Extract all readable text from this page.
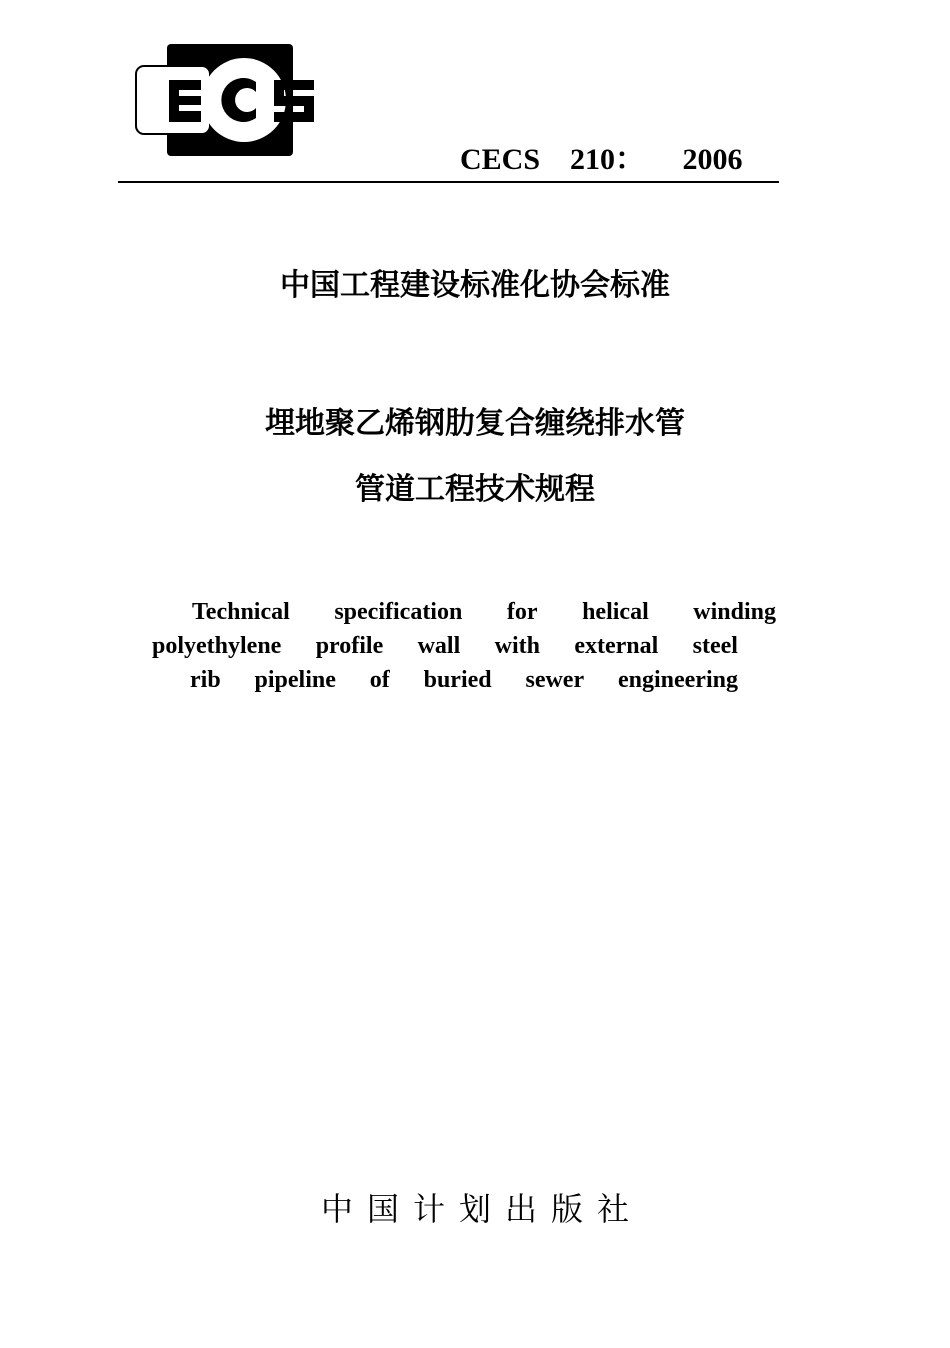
CECS 210： 2006
中国工程建设标准化协会标准
埋地聚乙烯钢肋复合缠绕排水管
管道工程技术规程
Technical specification for helical winding
polyethylene profile wall with external steel
rib pipeline of buried sewer engineering
中国计划出版社
